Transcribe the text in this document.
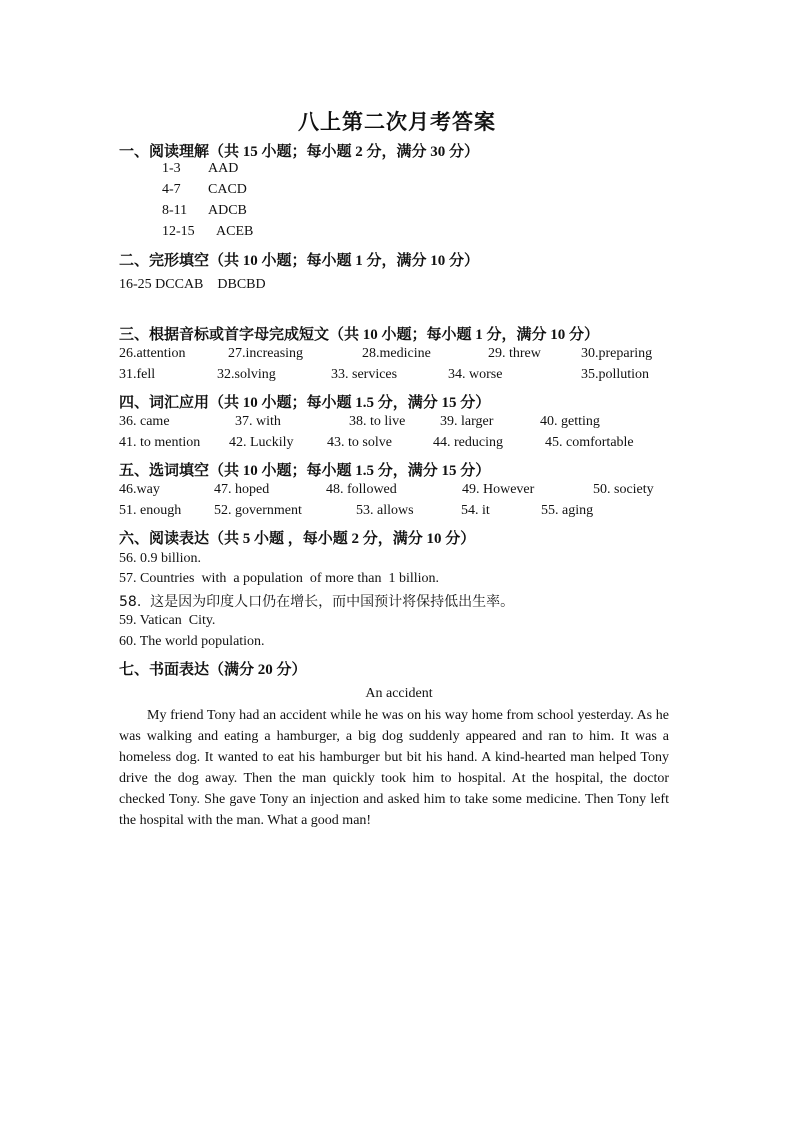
八上第二次月考答案
一、阅读理解（共 15 小题；每小题 2 分，满分 30 分）
1-3 AAD
4-7 CACD
8-11 ADCB
12-15 ACEB
二、完形填空（共 10 小题；每小题 1 分，满分 10 分）
16-25 DCCAB    DBCBD
三、根据音标或首字母完成短文（共 10 小题；每小题 1 分，满分 10 分）
26.attention	27.increasing	28.medicine	29. threw	30.preparing
31.fell	32.solving	33. services	34. worse	35.pollution
四、词汇应用（共 10 小题；每小题 1.5 分，满分 15 分）
36. came	37. with	38. to live 39. larger	40. getting
41. to mention 42. Luckily 43. to solve	44. reducing	45. comfortable
五、选词填空（共 10 小题；每小题 1.5 分，满分 15 分）
46.way	47. hoped	48. followed	49. However	50. society
51. enough 52. government	53. allows	54. it	55. aging
六、阅读表达（共 5 小题 ，每小题 2 分，满分 10 分）
56. 0.9 billion.
57. Countries  with  a population  of more than  1 billion.
58.  这是因为印度人口仍在增长，而中国预计将保持低出生率。
59. Vatican  City.
60. The world population.
七、书面表达（满分 20 分）
An accident
My friend Tony had an accident while he was on his way home from school yesterday. As he was walking and eating a hamburger, a big dog suddenly appeared and ran to him. It was a homeless dog. It wanted to eat his hamburger but bit his hand. A kind-hearted man helped Tony drive the dog away. Then the man quickly took him to hospital. At the hospital, the doctor checked Tony. She gave Tony an injection and asked him to take some medicine. Then Tony left the hospital with the man. What a good man!
